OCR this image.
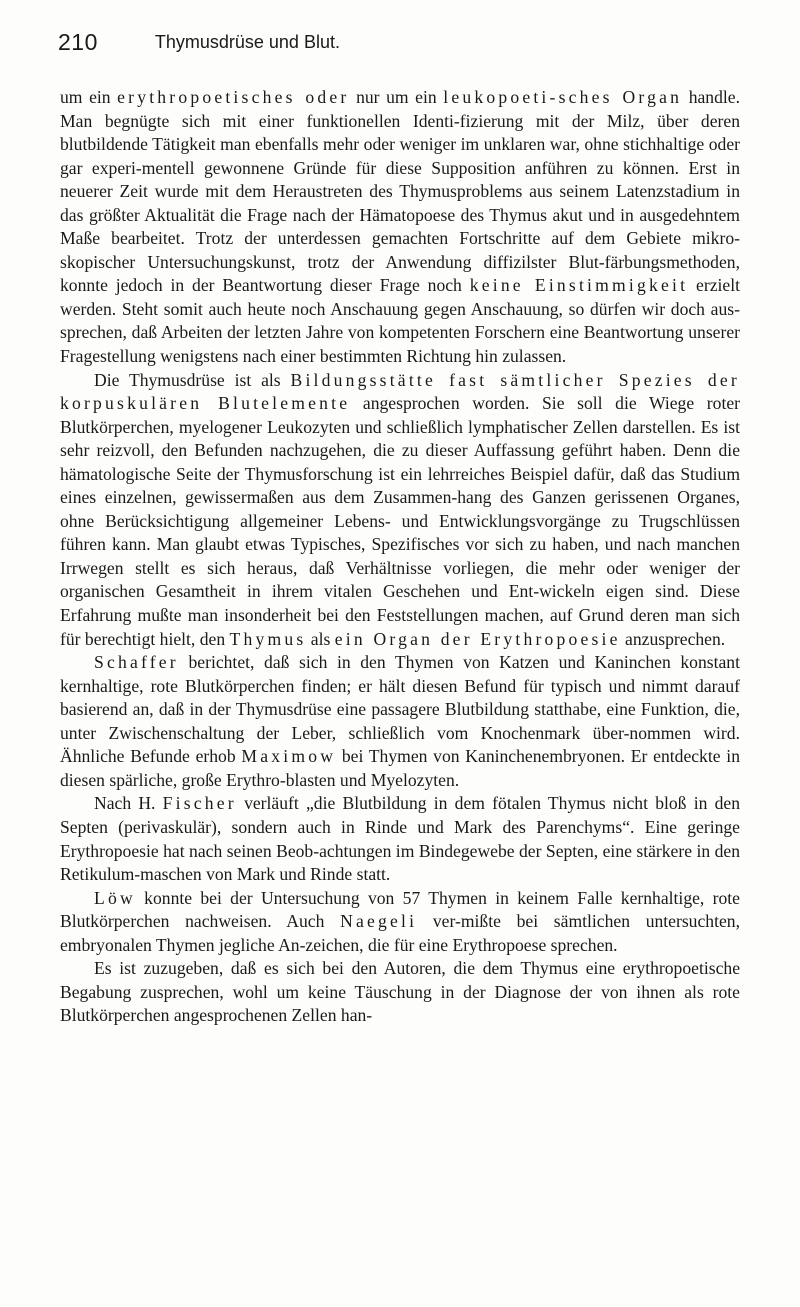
210	Thymusdrüse und Blut.

um ein erythropoetisches oder nur um ein leukopoeti-sches Organ handle. Man begnügte sich mit einer funktionellen Identi-fizierung mit der Milz, über deren blutbildende Tätigkeit man ebenfalls mehr oder weniger im unklaren war, ohne stichhaltige oder gar experi-mentell gewonnene Gründe für diese Supposition anführen zu können. Erst in neuerer Zeit wurde mit dem Heraustreten des Thymusproblems aus seinem Latenzstadium in das größter Aktualität die Frage nach der Hämatopoese des Thymus akut und in ausgedehntem Maße bearbeitet. Trotz der unterdessen gemachten Fortschritte auf dem Gebiete mikro-skopischer Untersuchungskunst, trotz der Anwendung diffizilster Blut-färbungsmethoden, konnte jedoch in der Beantwortung dieser Frage noch keine Einstimmigkeit erzielt werden. Steht somit auch heute noch Anschauung gegen Anschauung, so dürfen wir doch aus-sprechen, daß Arbeiten der letzten Jahre von kompetenten Forschern eine Beantwortung unserer Fragestellung wenigstens nach einer bestimmten Richtung hin zulassen.

Die Thymusdrüse ist als Bildungsstätte fast sämtlicher Spezies der korpuskulären Blutelemente angesprochen worden. Sie soll die Wiege roter Blutkörperchen, myelogener Leukozyten und schließlich lymphatischer Zellen darstellen. Es ist sehr reizvoll, den Befunden nachzugehen, die zu dieser Auffassung geführt haben. Denn die hämatologische Seite der Thymusforschung ist ein lehrreiches Beispiel dafür, daß das Studium eines einzelnen, gewissermaßen aus dem Zusammen-hang des Ganzen gerissenen Organes, ohne Berücksichtigung allgemeiner Lebens- und Entwicklungsvorgänge zu Trugschlüssen führen kann. Man glaubt etwas Typisches, Spezifisches vor sich zu haben, und nach manchen Irrwegen stellt es sich heraus, daß Verhältnisse vorliegen, die mehr oder weniger der organischen Gesamtheit in ihrem vitalen Geschehen und Ent-wickeln eigen sind. Diese Erfahrung mußte man insonderheit bei den Feststellungen machen, auf Grund deren man sich für berechtigt hielt, den Thymus als ein Organ der Erythropoesie anzusprechen.

Schaffer berichtet, daß sich in den Thymen von Katzen und Kaninchen konstant kernhaltige, rote Blutkörperchen finden; er hält diesen Befund für typisch und nimmt darauf basierend an, daß in der Thymusdrüse eine passagere Blutbildung statthabe, eine Funktion, die, unter Zwischenschaltung der Leber, schließlich vom Knochenmark über-nommen wird. Ähnliche Befunde erhob Maximow bei Thymen von Kaninchenembryonen. Er entdeckte in diesen spärliche, große Erythro-blasten und Myelozyten.

Nach H. Fischer verläuft „die Blutbildung in dem fötalen Thymus nicht bloß in den Septen (perivaskulär), sondern auch in Rinde und Mark des Parenchyms“. Eine geringe Erythropoesie hat nach seinen Beob-achtungen im Bindegewebe der Septen, eine stärkere in den Retikulum-maschen von Mark und Rinde statt.

Löw konnte bei der Untersuchung von 57 Thymen in keinem Falle kernhaltige, rote Blutkörperchen nachweisen. Auch Naegeli ver-mißte bei sämtlichen untersuchten, embryonalen Thymen jegliche An-zeichen, die für eine Erythropoese sprechen.

Es ist zuzugeben, daß es sich bei den Autoren, die dem Thymus eine erythropoetische Begabung zusprechen, wohl um keine Täuschung in der Diagnose der von ihnen als rote Blutkörperchen angesprochenen Zellen han-
